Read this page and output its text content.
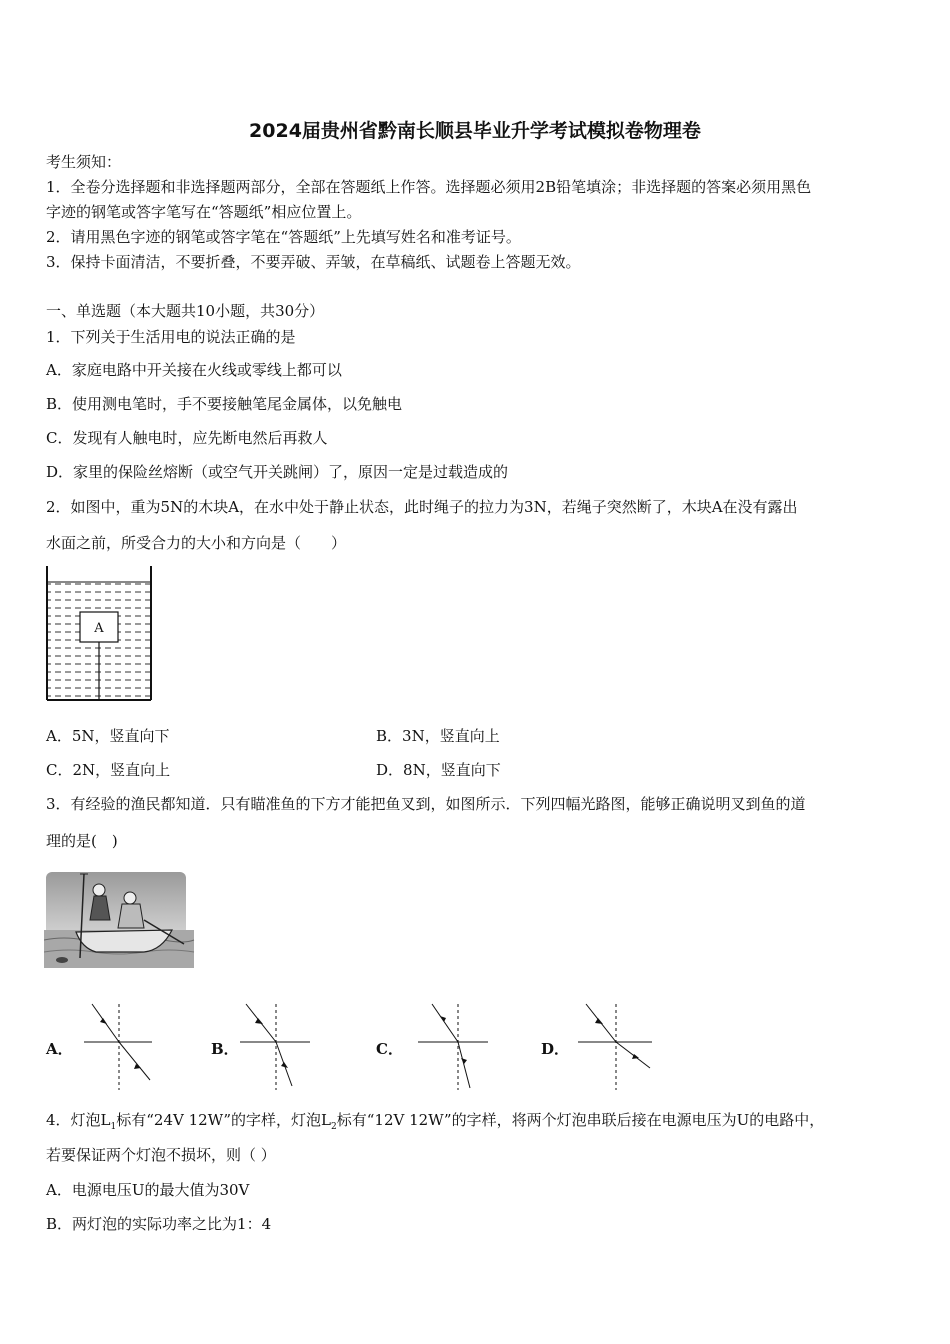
2024届贵州省黔南长顺县毕业升学考试模拟卷物理卷
考生须知：
1．全卷分选择题和非选择题两部分，全部在答题纸上作答。选择题必须用2B铅笔填涂；非选择题的答案必须用黑色
字迹的钢笔或答字笔写在“答题纸”相应位置上。
2．请用黑色字迹的钢笔或答字笔在“答题纸”上先填写姓名和准考证号。
3．保持卡面清洁，不要折叠，不要弄破、弄皱，在草稿纸、试题卷上答题无效。
一、单选题（本大题共10小题，共30分）
1．下列关于生活用电的说法正确的是
A．家庭电路中开关接在火线或零线上都可以
B．使用测电笔时，手不要接触笔尾金属体，以免触电
C．发现有人触电时，应先断电然后再救人
D．家里的保险丝熔断（或空气开关跳闸）了，原因一定是过载造成的
2．如图中，重为5N的木块A，在水中处于静止状态，此时绳子的拉力为3N，若绳子突然断了，木块A在没有露出
水面之前，所受合力的大小和方向是（　　）
A
A．5N，竖直向下	B．3N，竖直向上
C．2N，竖直向上	D．8N，竖直向下
3．有经验的渔民都知道．只有瞄准鱼的下方才能把鱼叉到，如图所示．下列四幅光路图，能够正确说明叉到鱼的道
理的是(　)
A．	B．	C．	D．
4．灯泡$L_1$标有“24V 12W”的字样，灯泡$L_2$标有“12V 12W”的字样，将两个灯泡串联后接在电源电压为U的电路中，
若要保证两个灯泡不损坏，则（ ）
A．电源电压U的最大值为30V
B．两灯泡的实际功率之比为1：4
